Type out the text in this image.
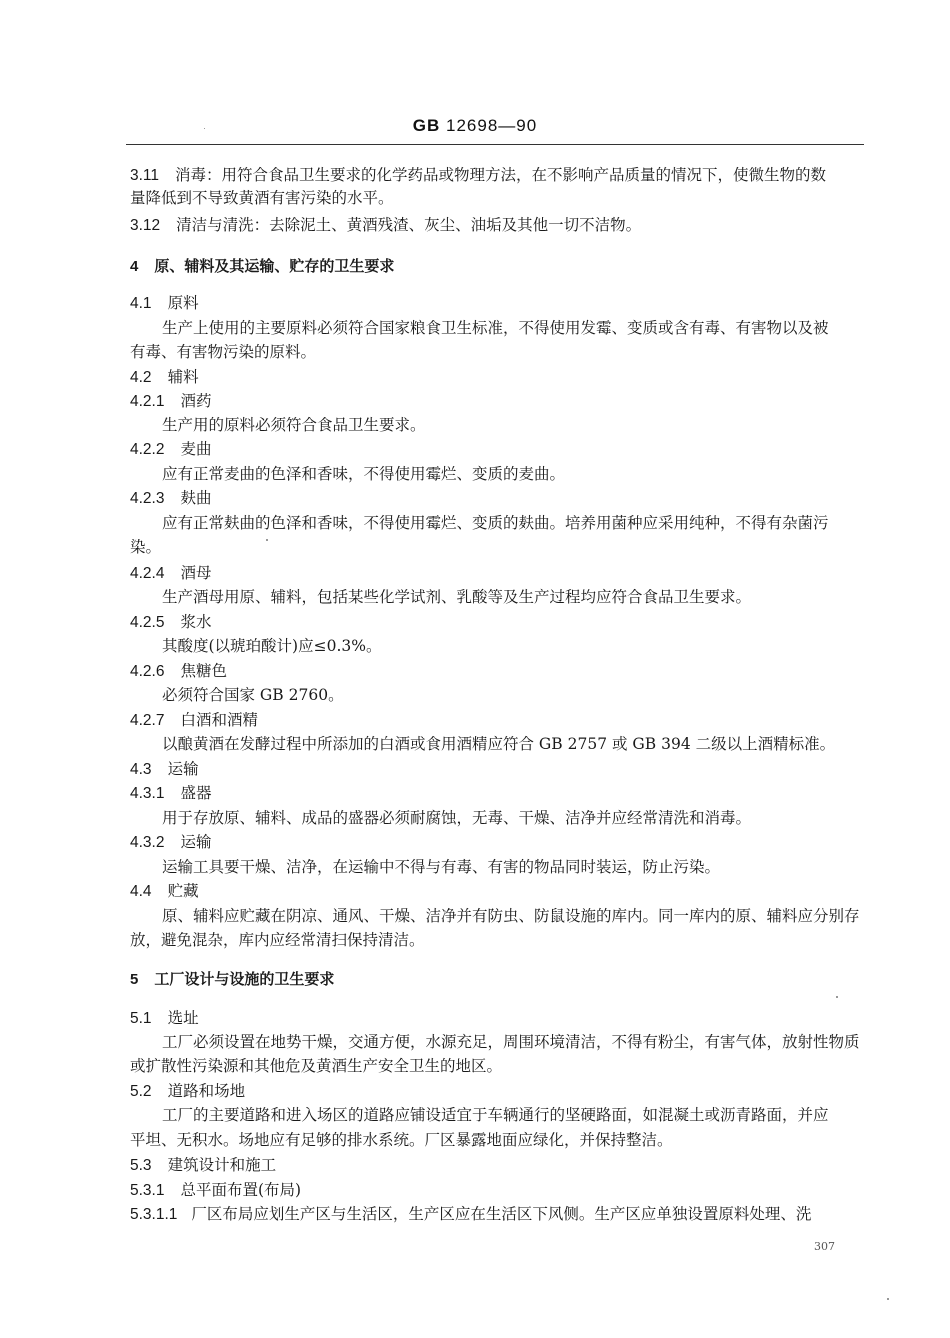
GB 12698—90
3.11 消毒：用符合食品卫生要求的化学药品或物理方法，在不影响产品质量的情况下，使微生物的数
量降低到不导致黄酒有害污染的水平。
3.12 清洁与清洗：去除泥土、黄酒残渣、灰尘、油垢及其他一切不洁物。
4 原、辅料及其运输、贮存的卫生要求
4.1 原料
生产上使用的主要原料必须符合国家粮食卫生标准，不得使用发霉、变质或含有毒、有害物以及被
有毒、有害物污染的原料。
4.2 辅料
4.2.1 酒药
生产用的原料必须符合食品卫生要求。
4.2.2 麦曲
应有正常麦曲的色泽和香味，不得使用霉烂、变质的麦曲。
4.2.3 麸曲
应有正常麸曲的色泽和香味，不得使用霉烂、变质的麸曲。培养用菌种应采用纯种，不得有杂菌污
染。
4.2.4 酒母
生产酒母用原、辅料，包括某些化学试剂、乳酸等及生产过程均应符合食品卫生要求。
4.2.5 浆水
其酸度(以琥珀酸计)应≤0.3%。
4.2.6 焦糖色
必须符合国家 GB 2760。
4.2.7 白酒和酒精
以酿黄酒在发酵过程中所添加的白酒或食用酒精应符合 GB 2757 或 GB 394 二级以上酒精标准。
4.3 运输
4.3.1 盛器
用于存放原、辅料、成品的盛器必须耐腐蚀，无毒、干燥、洁净并应经常清洗和消毒。
4.3.2 运输
运输工具要干燥、洁净，在运输中不得与有毒、有害的物品同时装运，防止污染。
4.4 贮藏
原、辅料应贮藏在阴凉、通风、干燥、洁净并有防虫、防鼠设施的库内。同一库内的原、辅料应分别存
放，避免混杂，库内应经常清扫保持清洁。
5 工厂设计与设施的卫生要求
5.1 选址
工厂必须设置在地势干燥，交通方便，水源充足，周围环境清洁，不得有粉尘，有害气体，放射性物质
或扩散性污染源和其他危及黄酒生产安全卫生的地区。
5.2 道路和场地
工厂的主要道路和进入场区的道路应铺设适宜于车辆通行的坚硬路面，如混凝土或沥青路面，并应
平坦、无积水。场地应有足够的排水系统。厂区暴露地面应绿化，并保持整洁。
5.3 建筑设计和施工
5.3.1 总平面布置(布局)
5.3.1.1 厂区布局应划生产区与生活区，生产区应在生活区下风侧。生产区应单独设置原料处理、洗
307
